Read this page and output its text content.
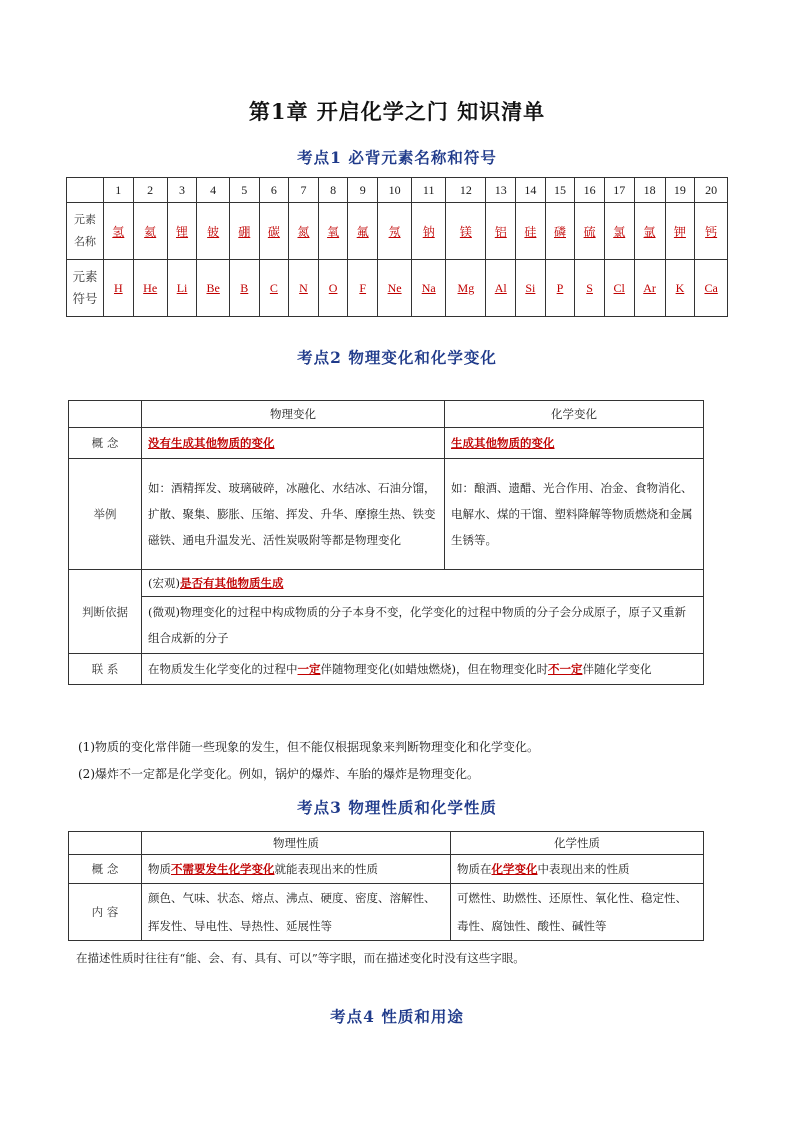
第1章 开启化学之门 知识清单
考点1 必背元素名称和符号
	1	2	3	4	5	6	7	8	9	10	11	12	13	14	15	16	17	18	19	20

元素
名称	氢	氦	锂	铍	硼	碳	氮	氧	氟	氖	钠	镁	铝	硅	磷	硫	氯	氩	钾	钙

元素
符号	H	He	Li	Be	B	C	N	O	F	Ne	Na	Mg	Al	Si	P	S	Cl	Ar	K	Ca
考点2 物理变化和化学变化
	物理变化	化学变化
概 念	没有生成其他物质的变化	生成其他物质的变化
举例	如：酒精挥发、玻璃破碎，冰融化、水结冰、石油分馏，扩散、聚集、膨胀、压缩、挥发、升华、摩擦生热、铁变磁铁、通电升温发光、活性炭吸附等都是物理变化	如：酿酒、遗醋、光合作用、冶金、食物消化、电解水、煤的干馏、塑料降解等物质燃烧和金属生锈等。
判断依据	(宏观)是否有其他物质生成	
	(微观)物理变化的过程中构成物质的分子本身不变，化学变化的过程中物质的分子会分成原子，原子又重新组合成新的分子	
联 系	在物质发生化学变化的过程中一定伴随物理变化(如蜡烛燃烧)，但在物理变化时不一定伴随化学变化	
(1)物质的变化常伴随一些现象的发生，但不能仅根据现象来判断物理变化和化学变化。
(2)爆炸不一定都是化学变化。例如，锅炉的爆炸、车胎的爆炸是物理变化。
考点3 物理性质和化学性质
	物理性质	化学性质
概 念	物质不需要发生化学变化就能表现出来的性质	物质在化学变化中表现出来的性质
内 容	颜色、气味、状态、熔点、沸点、硬度、密度、溶解性、挥发性、导电性、导热性、延展性等	可燃性、助燃性、还原性、氧化性、稳定性、毒性、腐蚀性、酸性、碱性等
在描述性质时往往有“能、会、有、具有、可以”等字眼，而在描述变化时没有这些字眼。
考点4 性质和用途
